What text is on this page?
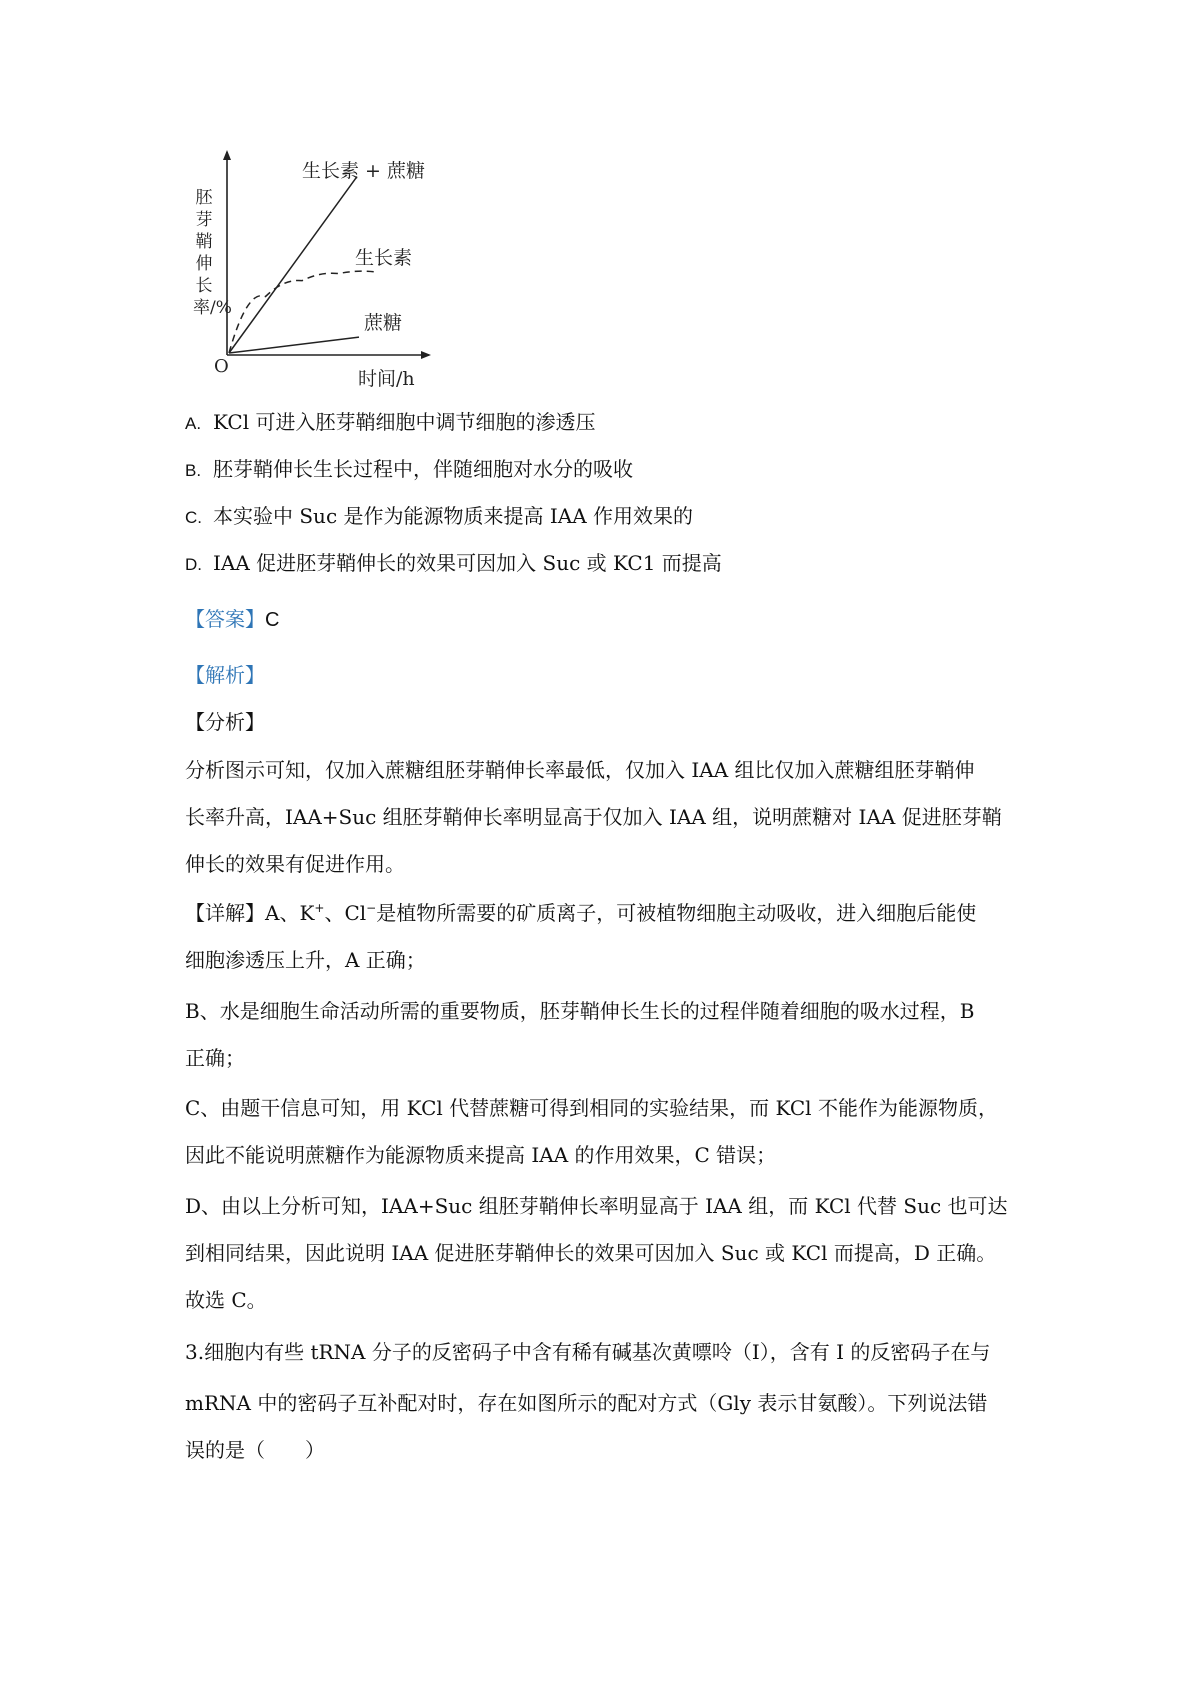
胚芽鞘伸长率/%
O
时间/h
生长素 + 蔗糖
生长素
蔗糖
A. KCl 可进入胚芽鞘细胞中调节细胞的渗透压
B. 胚芽鞘伸长生长过程中，伴随细胞对水分的吸收
C. 本实验中 Suc 是作为能源物质来提高 IAA 作用效果的
D. IAA 促进胚芽鞘伸长的效果可因加入 Suc 或 KC1 而提高
【答案】C
【解析】
【分析】
分析图示可知，仅加入蔗糖组胚芽鞘伸长率最低，仅加入 IAA 组比仅加入蔗糖组胚芽鞘伸
长率升高，IAA+Suc 组胚芽鞘伸长率明显高于仅加入 IAA 组，说明蔗糖对 IAA 促进胚芽鞘
伸长的效果有促进作用。
【详解】A、K+、Cl−是植物所需要的矿质离子，可被植物细胞主动吸收，进入细胞后能使
细胞渗透压上升，A 正确；
B、水是细胞生命活动所需的重要物质，胚芽鞘伸长生长的过程伴随着细胞的吸水过程，B
正确；
C、由题干信息可知，用 KCl 代替蔗糖可得到相同的实验结果，而 KCl 不能作为能源物质，
因此不能说明蔗糖作为能源物质来提高 IAA 的作用效果，C 错误；
D、由以上分析可知，IAA+Suc 组胚芽鞘伸长率明显高于 IAA 组，而 KCl 代替 Suc 也可达
到相同结果，因此说明 IAA 促进胚芽鞘伸长的效果可因加入 Suc 或 KCl 而提高，D 正确。
故选 C。
3.细胞内有些 tRNA 分子的反密码子中含有稀有碱基次黄嘌呤（I），含有 I 的反密码子在与
mRNA 中的密码子互补配对时，存在如图所示的配对方式（Gly 表示甘氨酸）。下列说法错
误的是（　　）
